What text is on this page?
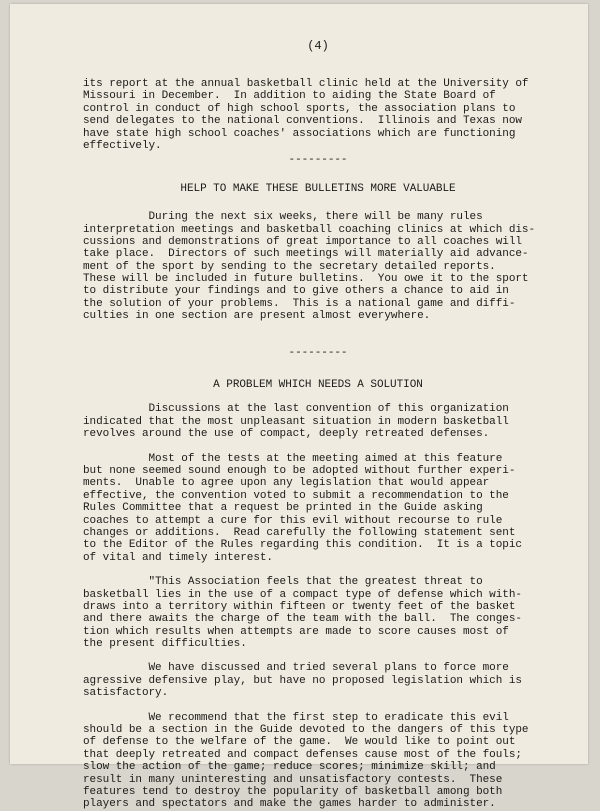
(4)
its report at the annual basketball clinic held at the University of
Missouri in December.  In addition to aiding the State Board of
control in conduct of high school sports, the association plans to
send delegates to the national conventions.  Illinois and Texas now
have state high school coaches' associations which are functioning
effectively.
---------
HELP TO MAKE THESE BULLETINS MORE VALUABLE
During the next six weeks, there will be many rules
interpretation meetings and basketball coaching clinics at which dis-
cussions and demonstrations of great importance to all coaches will
take place.  Directors of such meetings will materially aid advance-
ment of the sport by sending to the secretary detailed reports.
These will be included in future bulletins.  You owe it to the sport
to distribute your findings and to give others a chance to aid in
the solution of your problems.  This is a national game and diffi-
culties in one section are present almost everywhere.
---------
A PROBLEM WHICH NEEDS A SOLUTION
Discussions at the last convention of this organization
indicated that the most unpleasant situation in modern basketball
revolves around the use of compact, deeply retreated defenses.
Most of the tests at the meeting aimed at this feature
but none seemed sound enough to be adopted without further experi-
ments.  Unable to agree upon any legislation that would appear
effective, the convention voted to submit a recommendation to the
Rules Committee that a request be printed in the Guide asking
coaches to attempt a cure for this evil without recourse to rule
changes or additions.  Read carefully the following statement sent
to the Editor of the Rules regarding this condition.  It is a topic
of vital and timely interest.
"This Association feels that the greatest threat to
basketball lies in the use of a compact type of defense which with-
draws into a territory within fifteen or twenty feet of the basket
and there awaits the charge of the team with the ball.  The conges-
tion which results when attempts are made to score causes most of
the present difficulties.
We have discussed and tried several plans to force more
agressive defensive play, but have no proposed legislation which is
satisfactory.
We recommend that the first step to eradicate this evil
should be a section in the Guide devoted to the dangers of this type
of defense to the welfare of the game.  We would like to point out
that deeply retreated and compact defenses cause most of the fouls;
slow the action of the game; reduce scores; minimize skill; and
result in many uninteresting and unsatisfactory contests.  These
features tend to destroy the popularity of basketball among both
players and spectators and make the games harder to administer.
